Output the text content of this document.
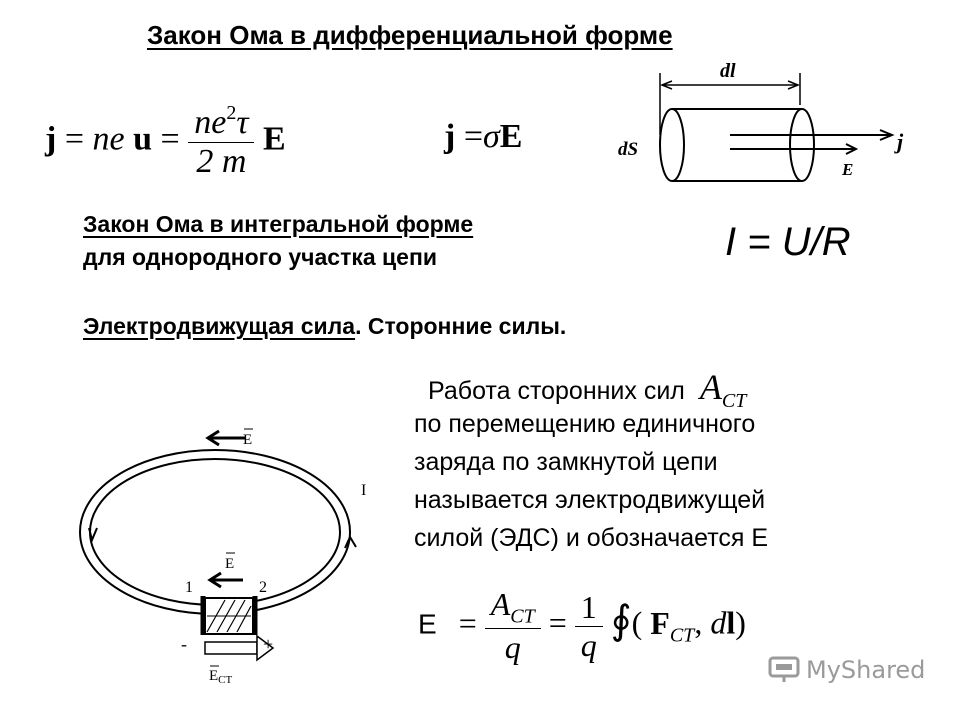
Закон Ома в дифференциальной форме
j = ne $u = \frac{ne^2\tau}{2 m}$ E	j =σE
dl
dS	j
E
Закон Ома в интегральной форме
для однородного участка цепи	I = U/R
Электродвижущая сила. Сторонние силы.
Работа сторонних сил $A_{CT}$
по перемещению единичного
заряда по замкнутой цепи
называется электродвижущей
силой (ЭДС) и обозначается Е
E
I
E
1	2
-	+
$E_{CT}$
$E = \frac{A_{CT}}{q} = \frac{1}{q}$ ∮( $F_{CT}$, dl)
MyShared
